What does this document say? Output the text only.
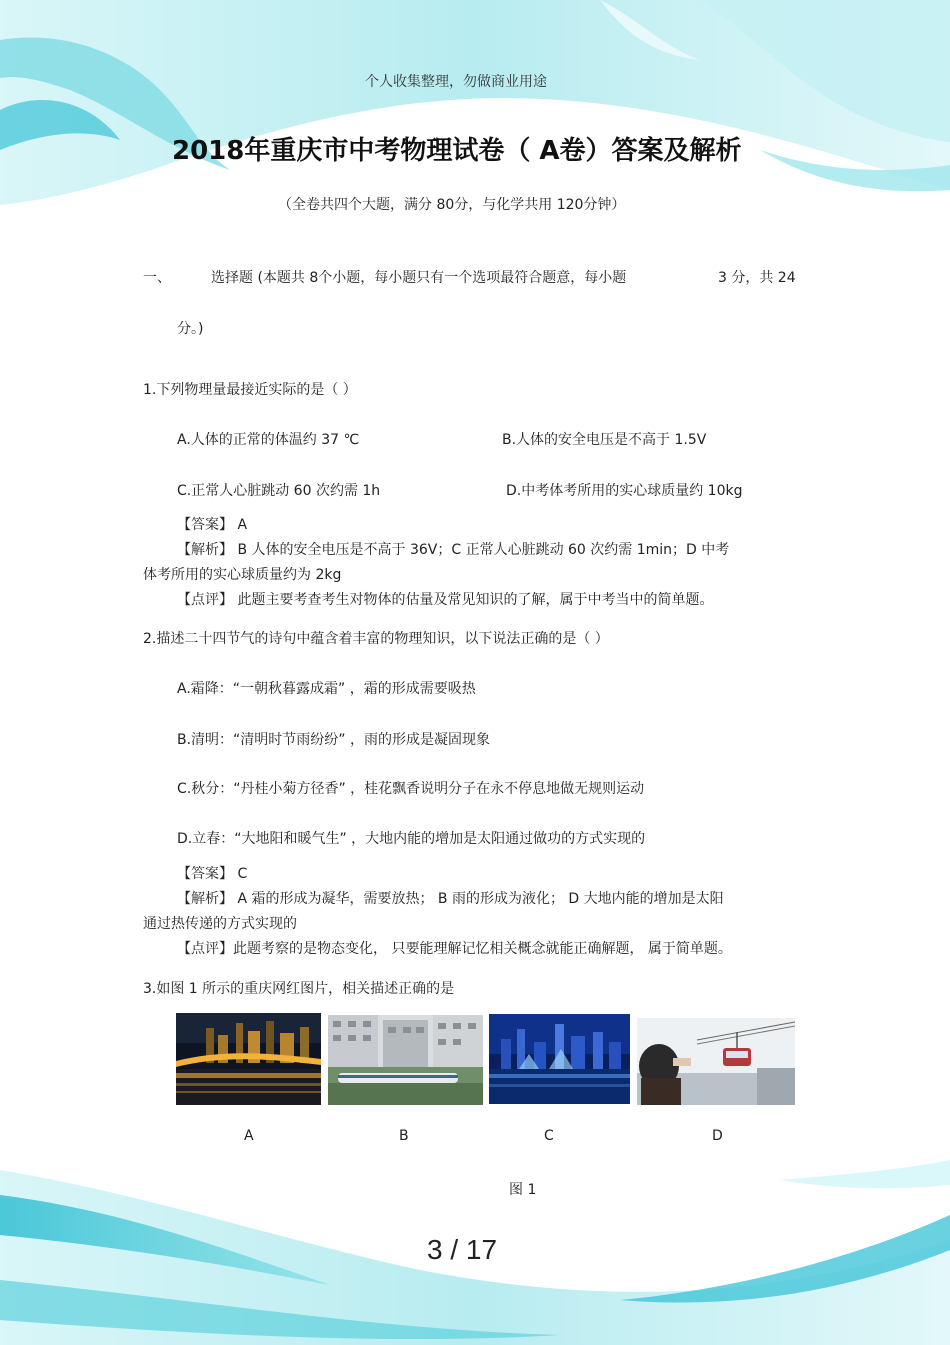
个人收集整理，勿做商业用途
2018年重庆市中考物理试卷（ A卷）答案及解析
（全卷共四个大题，满分 80分，与化学共用 120分钟）
一、	选择题 (本题共 8个小题，每小题只有一个选项最符合题意，每小题	3 分，共 24
分。)
1.下列物理量最接近实际的是（ ）
A.人体的正常的体温约 37 ℃	B.人体的安全电压是不高于 1.5V
C.正常人心脏跳动 60 次约需 1h	D.中考体考所用的实心球质量约 10kg
【答案】 A
【解析】 B 人体的安全电压是不高于 36V；C 正常人心脏跳动 60 次约需 1min；D 中考
体考所用的实心球质量约为 2kg
【点评】 此题主要考查考生对物体的估量及常见知识的了解，属于中考当中的简单题。
2.描述二十四节气的诗句中蕴含着丰富的物理知识，以下说法正确的是（ ）
A.霜降：“一朝秋暮露成霜” ，霜的形成需要吸热
B.清明：“清明时节雨纷纷” ，雨的形成是凝固现象
C.秋分：“丹桂小菊方径香” ，桂花飘香说明分子在永不停息地做无规则运动
D.立春：“大地阳和暖气生” ，大地内能的增加是太阳通过做功的方式实现的
【答案】 C
【解析】 A 霜的形成为凝华，需要放热； B 雨的形成为液化； D 大地内能的增加是太阳
通过热传递的方式实现的
【点评】此题考察的是物态变化， 只要能理解记忆相关概念就能正确解题， 属于简单题。
3.如图 1 所示的重庆网红图片，相关描述正确的是
A	B	C	D
图 1
3 / 17
